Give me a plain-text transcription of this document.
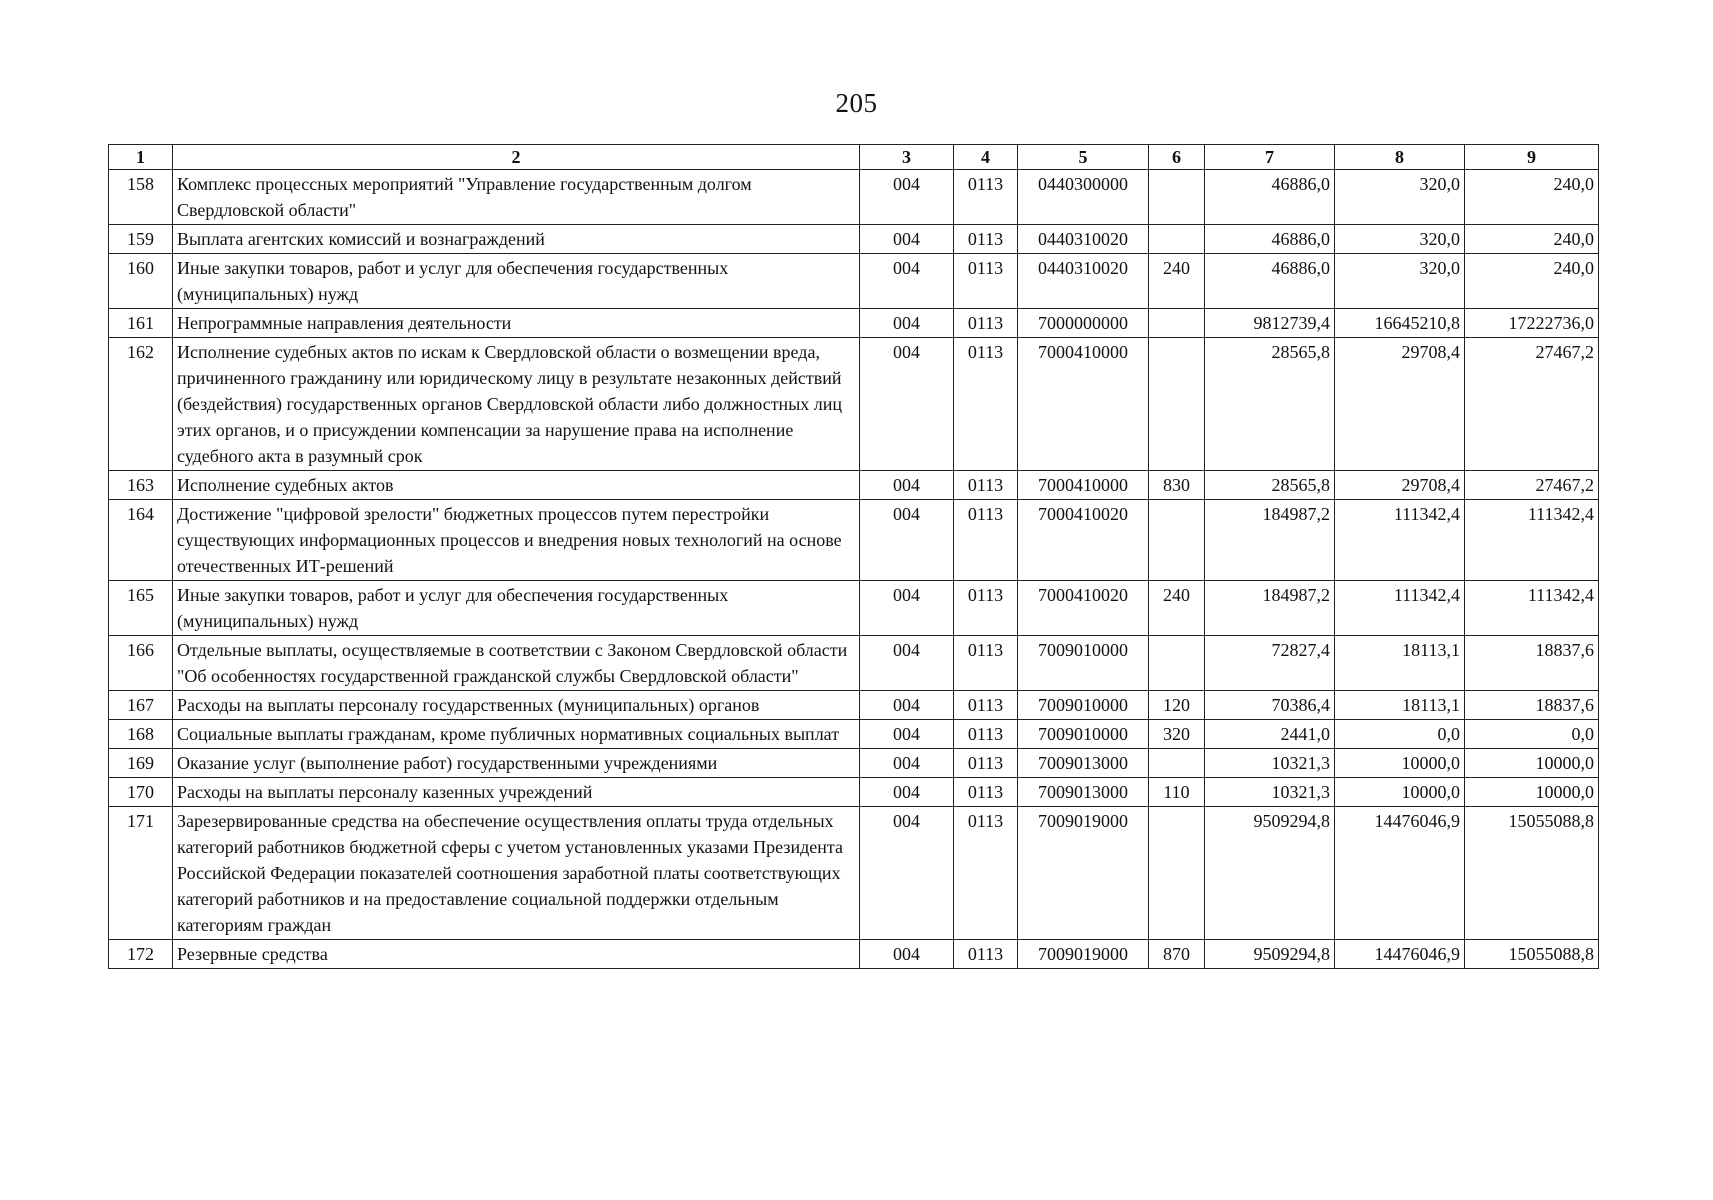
205
1	2	3	4	5	6	7	8	9
158	Комплекс процессных мероприятий "Управление государственным долгом Свердловской области"	004	0113	0440300000		46886,0	320,0	240,0
159	Выплата агентских комиссий и вознаграждений	004	0113	0440310020		46886,0	320,0	240,0
160	Иные закупки товаров, работ и услуг для обеспечения государственных (муниципальных) нужд	004	0113	0440310020	240	46886,0	320,0	240,0
161	Непрограммные направления деятельности	004	0113	7000000000		9812739,4	16645210,8	17222736,0
162	Исполнение судебных актов по искам к Свердловской области о возмещении вреда, причиненного гражданину или юридическому лицу в результате незаконных действий (бездействия) государственных органов Свердловской области либо должностных лиц этих органов, и о присуждении компенсации за нарушение права на исполнение судебного акта в разумный срок	004	0113	7000410000		28565,8	29708,4	27467,2
163	Исполнение судебных актов	004	0113	7000410000	830	28565,8	29708,4	27467,2
164	Достижение "цифровой зрелости" бюджетных процессов путем перестройки существующих информационных процессов и внедрения новых технологий на основе отечественных ИТ-решений	004	0113	7000410020		184987,2	111342,4	111342,4
165	Иные закупки товаров, работ и услуг для обеспечения государственных (муниципальных) нужд	004	0113	7000410020	240	184987,2	111342,4	111342,4
166	Отдельные выплаты, осуществляемые в соответствии с Законом Свердловской области "Об особенностях государственной гражданской службы Свердловской области"	004	0113	7009010000		72827,4	18113,1	18837,6
167	Расходы на выплаты персоналу государственных (муниципальных) органов	004	0113	7009010000	120	70386,4	18113,1	18837,6
168	Социальные выплаты гражданам, кроме публичных нормативных социальных выплат	004	0113	7009010000	320	2441,0	0,0	0,0
169	Оказание услуг (выполнение работ) государственными учреждениями	004	0113	7009013000		10321,3	10000,0	10000,0
170	Расходы на выплаты персоналу казенных учреждений	004	0113	7009013000	110	10321,3	10000,0	10000,0
171	Зарезервированные средства на обеспечение осуществления оплаты труда отдельных категорий работников бюджетной сферы с учетом установленных указами Президента Российской Федерации показателей соотношения заработной платы соответствующих категорий работников и на предоставление социальной поддержки отдельным категориям граждан	004	0113	7009019000		9509294,8	14476046,9	15055088,8
172	Резервные средства	004	0113	7009019000	870	9509294,8	14476046,9	15055088,8
